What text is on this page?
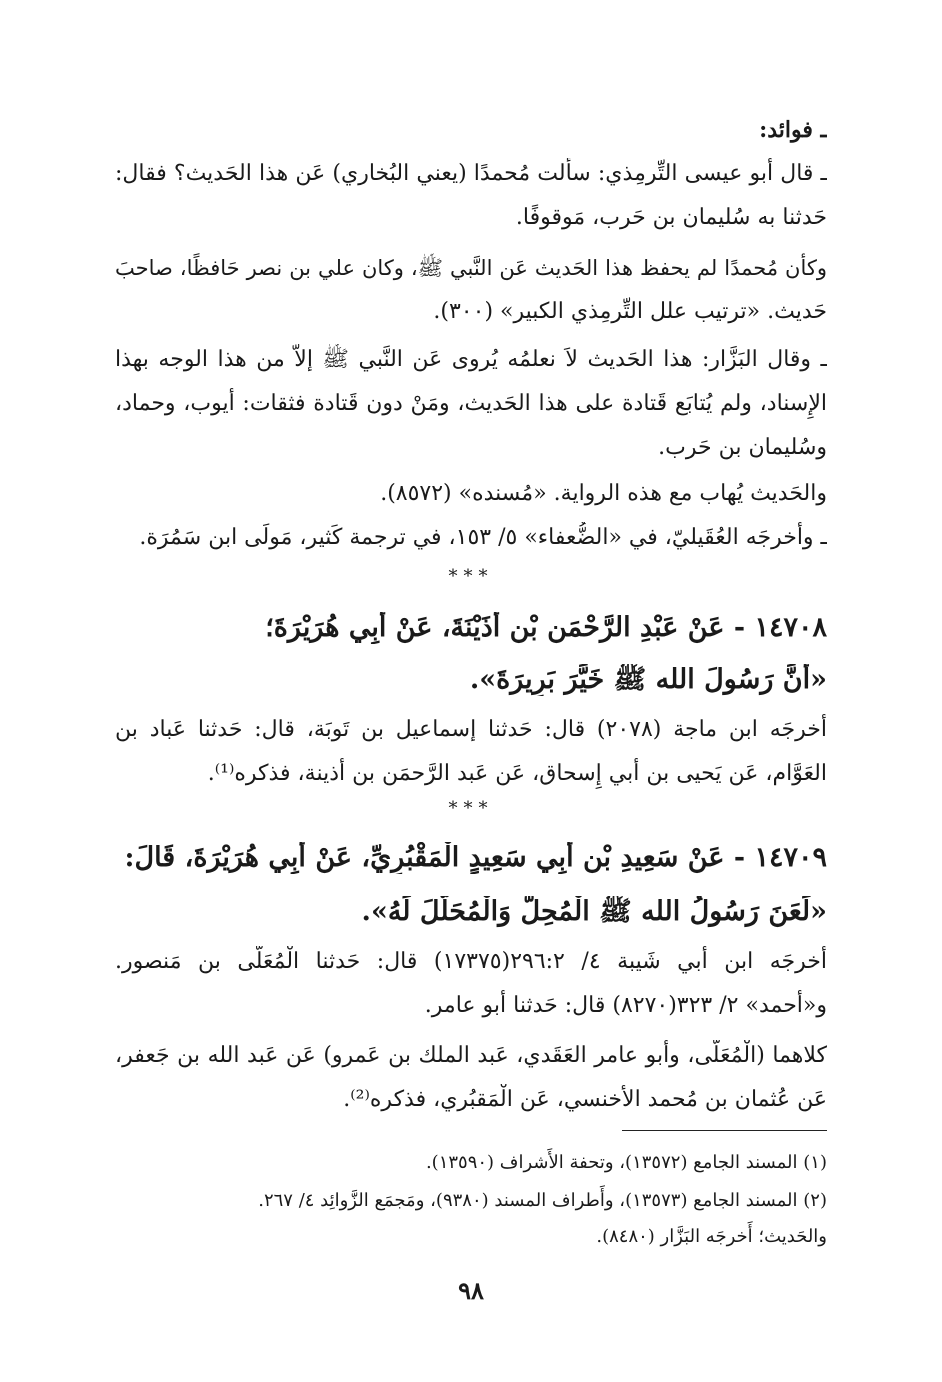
ـ فوائد:
ـ قال أبو عيسى التِّرمِذي: سألت مُحمدًا (يعني البُخاري) عَن هذا الحَديث؟ فقال:
حَدثنا به سُليمان بن حَرب، مَوقوفًا.
وكأن مُحمدًا لم يحفظ هذا الحَديث عَن النَّبي ﷺ، وكان علي بن نصر حَافظًا، صاحبَ
حَديث. «ترتيب علل التِّرمِذي الكبير» (٣٠٠).
ـ وقال البَزَّار: هذا الحَديث لاَ نعلمُه يُروى عَن النَّبي ﷺ إلاَّ من هذا الوجه بهذا
الإِسناد، ولم يُتابَع قَتادة على هذا الحَديث، ومَنْ دون قَتادة فثقات: أيوب، وحماد،
وسُليمان بن حَرب.
والحَديث يُهاب مع هذه الرواية. «مُسنده» (٨٥٧٢).
ـ وأخرجَه العُقَيليّ، في «الضُّعفاء» ٥/ ١٥٣، في ترجمة كَثير، مَولَى ابن سَمُرَة.
***
١٤٧٠٨ - عَنْ عَبْدِ الرَّحْمَنِ بْنِ أُذَيْنَةَ، عَنْ أَبِي هُرَيْرَةَ؛
«أَنَّ رَسُولَ الله ﷺ خَيَّرَ بَرِيرَةَ».
أخرجَه ابن ماجة (٢٠٧٨) قال: حَدثنا إسماعيل بن تَوبَة، قال: حَدثنا عَباد بن
العَوَّام، عَن يَحيى بن أَبي إِسحاق، عَن عَبد الرَّحمَن بن أُذينة، فذكره⁽¹⁾.
***
١٤٧٠٩ - عَنْ سَعِيدِ بْنِ أَبِي سَعِيدٍ الْمَقْبُرِيِّ، عَنْ أَبِي هُرَيْرَةَ، قَالَ:
«لَعَنَ رَسُولُ الله ﷺ الْمُحِلَّ وَالْمُحَلَّلَ لَهُ».
أخرجَه ابن أَبي شَيبة ٤/ ٢٩٦:٢(١٧٣٧٥) قال: حَدثنا الْمُعَلَّى بن مَنصور.
و«أَحمد» ٢/ ٣٢٣(٨٢٧٠) قال: حَدثنا أَبو عامر.
كلاهما (الْمُعَلَّى، وأَبو عامر العَقَدي، عَبد الملك بن عَمرو) عَن عَبد الله بن جَعفر،
عَن عُثمان بن مُحمد الأَخنسي، عَن الْمَقبُري، فذكره⁽²⁾.
(١) المسند الجامع (١٣٥٧٢)، وتحفة الأَشراف (١٣٥٩٠).
(٢) المسند الجامع (١٣٥٧٣)، وأَطراف المسند (٩٣٨٠)، ومَجمَع الزَّوائِد ٤/ ٢٦٧.
والحَديث؛ أَخرجَه البَزَّار (٨٤٨٠).
٩٨
